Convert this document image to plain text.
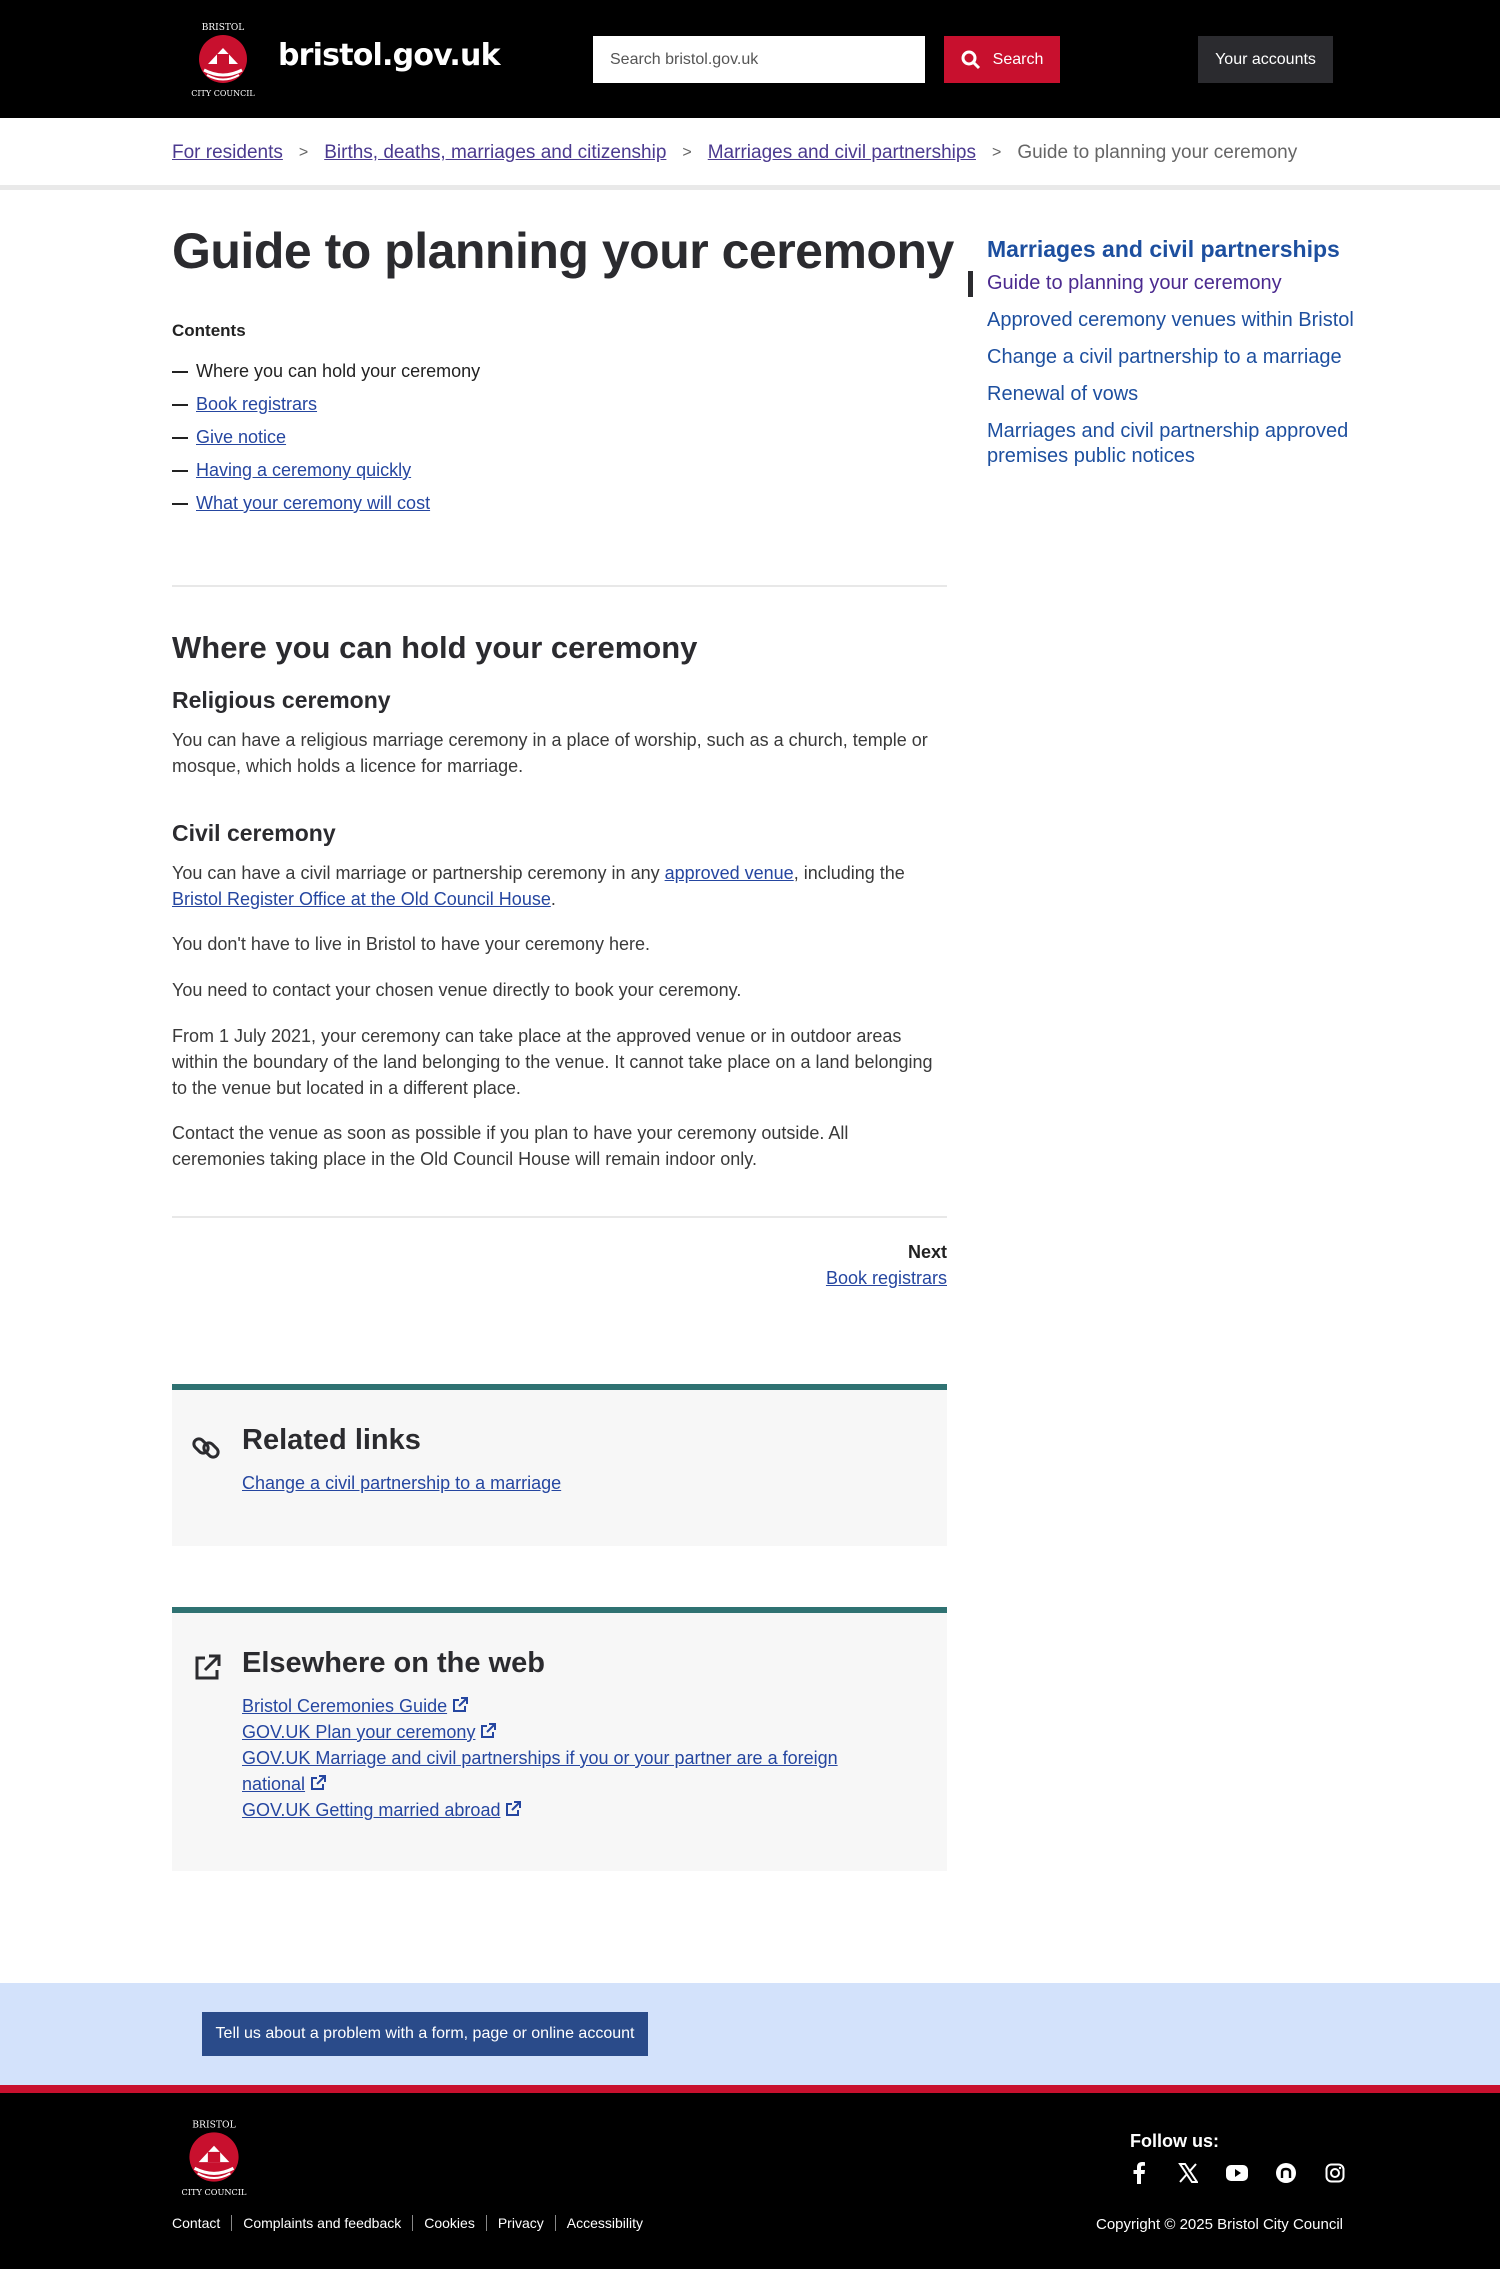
BRISTOL
CITY COUNCIL
bristol.gov.uk
Search bristol.gov.uk	Search	Your accounts
For residents > Births, deaths, marriages and citizenship > Marriages and civil partnerships > Guide to planning your ceremony
Guide to planning your ceremony
Contents
Where you can hold your ceremony
Book registrars
Give notice
Having a ceremony quickly
What your ceremony will cost
Where you can hold your ceremony
Religious ceremony

You can have a religious marriage ceremony in a place of worship, such as a church, temple or mosque, which holds a licence for marriage.

Civil ceremony

You can have a civil marriage or partnership ceremony in any approved venue, including the Bristol Register Office at the Old Council House.

You don't have to live in Bristol to have your ceremony here.

You need to contact your chosen venue directly to book your ceremony.

From 1 July 2021, your ceremony can take place at the approved venue or in outdoor areas within the boundary of the land belonging to the venue. It cannot take place on a land belonging to the venue but located in a different place.

Contact the venue as soon as possible if you plan to have your ceremony outside. All ceremonies taking place in the Old Council House will remain indoor only.

Next
Book registrars
Related links
Change a civil partnership to a marriage
Elsewhere on the web
Bristol Ceremonies Guide
GOV.UK Plan your ceremony
GOV.UK Marriage and civil partnerships if you or your partner are a foreign national
GOV.UK Getting married abroad
Marriages and civil partnerships
Guide to planning your ceremony
Approved ceremony venues within Bristol
Change a civil partnership to a marriage
Renewal of vows
Marriages and civil partnership approved premises public notices
Tell us about a problem with a form, page or online account
BRISTOL
CITY COUNCIL
Follow us:
Contact	Complaints and feedback	Cookies	Privacy	Accessibility	Copyright © 2025 Bristol City Council
